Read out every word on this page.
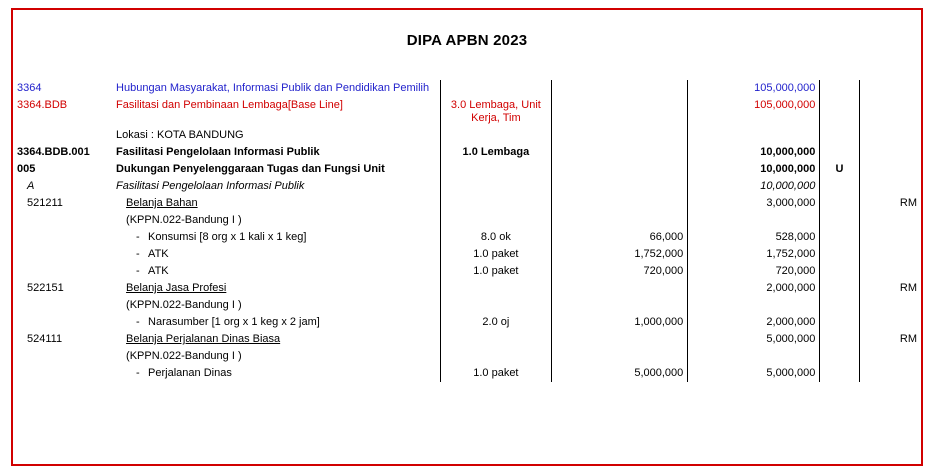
DIPA APBN 2023
3364	Hubungan Masyarakat, Informasi Publik dan Pendidikan Pemilih			105,000,000		
3364.BDB	Fasilitasi dan Pembinaan Lembaga[Base Line]	3.0 Lembaga, Unit Kerja, Tim		105,000,000		
	Lokasi : KOTA BANDUNG					
3364.BDB.001	Fasilitasi Pengelolaan Informasi Publik	1.0 Lembaga		10,000,000		
005	Dukungan Penyelenggaraan Tugas dan Fungsi Unit			10,000,000	U	
A	Fasilitasi Pengelolaan Informasi Publik			10,000,000		
521211	Belanja Bahan			3,000,000		RM
	(KPPN.022-Bandung I )					
	- Konsumsi [8 org x 1 kali x 1 keg]	8.0 ok	66,000	528,000		
	- ATK	1.0 paket	1,752,000	1,752,000		
	- ATK	1.0 paket	720,000	720,000		
522151	Belanja Jasa Profesi			2,000,000		RM
	(KPPN.022-Bandung I )					
	- Narasumber [1 org x 1 keg x 2 jam]	2.0 oj	1,000,000	2,000,000		
524111	Belanja Perjalanan Dinas Biasa			5,000,000		RM
	(KPPN.022-Bandung I )					
	- Perjalanan Dinas	1.0 paket	5,000,000	5,000,000		
